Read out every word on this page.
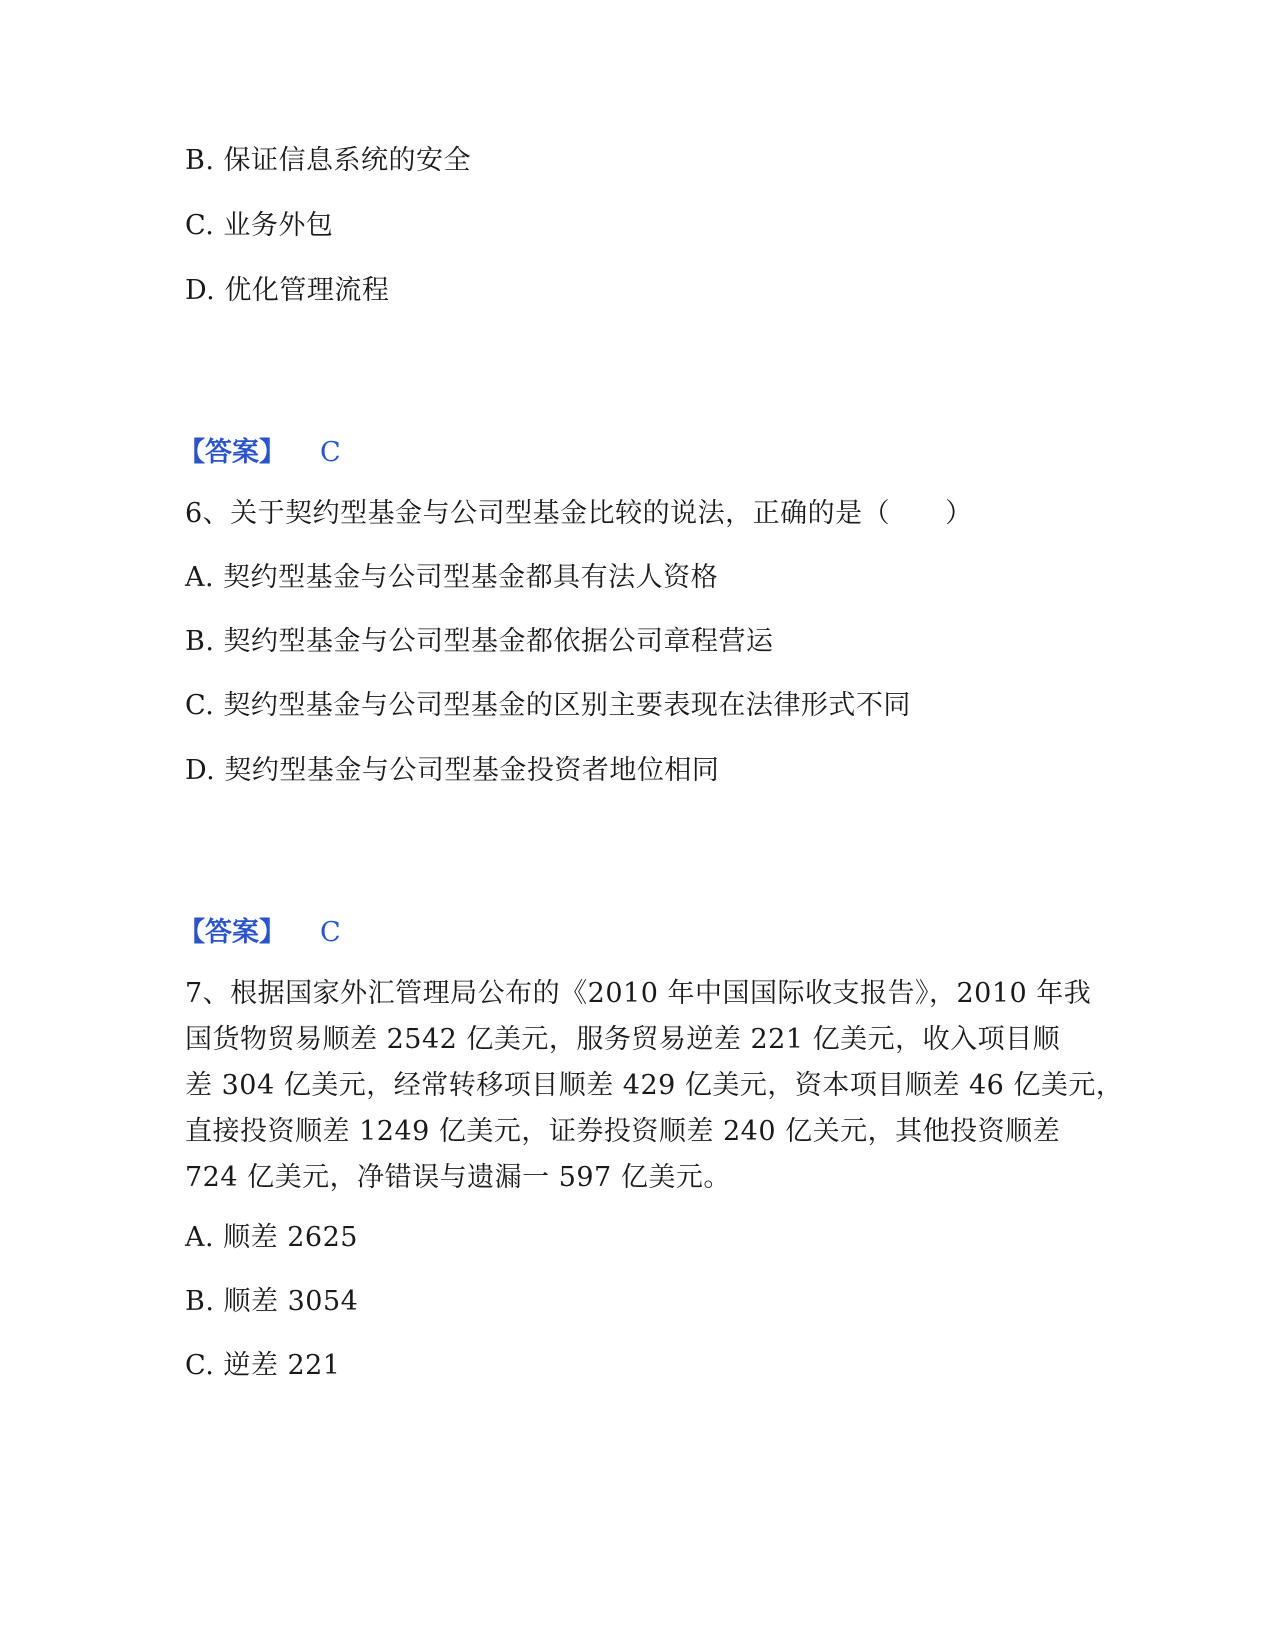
B. 保证信息系统的安全
C. 业务外包
D. 优化管理流程
【答案】 C
6、关于契约型基金与公司型基金比较的说法，正确的是（　　）
A. 契约型基金与公司型基金都具有法人资格
B. 契约型基金与公司型基金都依据公司章程营运
C. 契约型基金与公司型基金的区别主要表现在法律形式不同
D. 契约型基金与公司型基金投资者地位相同
【答案】 C
7、根据国家外汇管理局公布的《2010 年中国国际收支报告》，2010 年我
国货物贸易顺差 2542 亿美元，服务贸易逆差 221 亿美元，收入项目顺
差 304 亿美元，经常转移项目顺差 429 亿美元，资本项目顺差 46 亿美元，
直接投资顺差 1249 亿美元，证券投资顺差 240 亿关元，其他投资顺差
724 亿美元，净错误与遗漏一 597 亿美元。
A. 顺差 2625
B. 顺差 3054
C. 逆差 221
